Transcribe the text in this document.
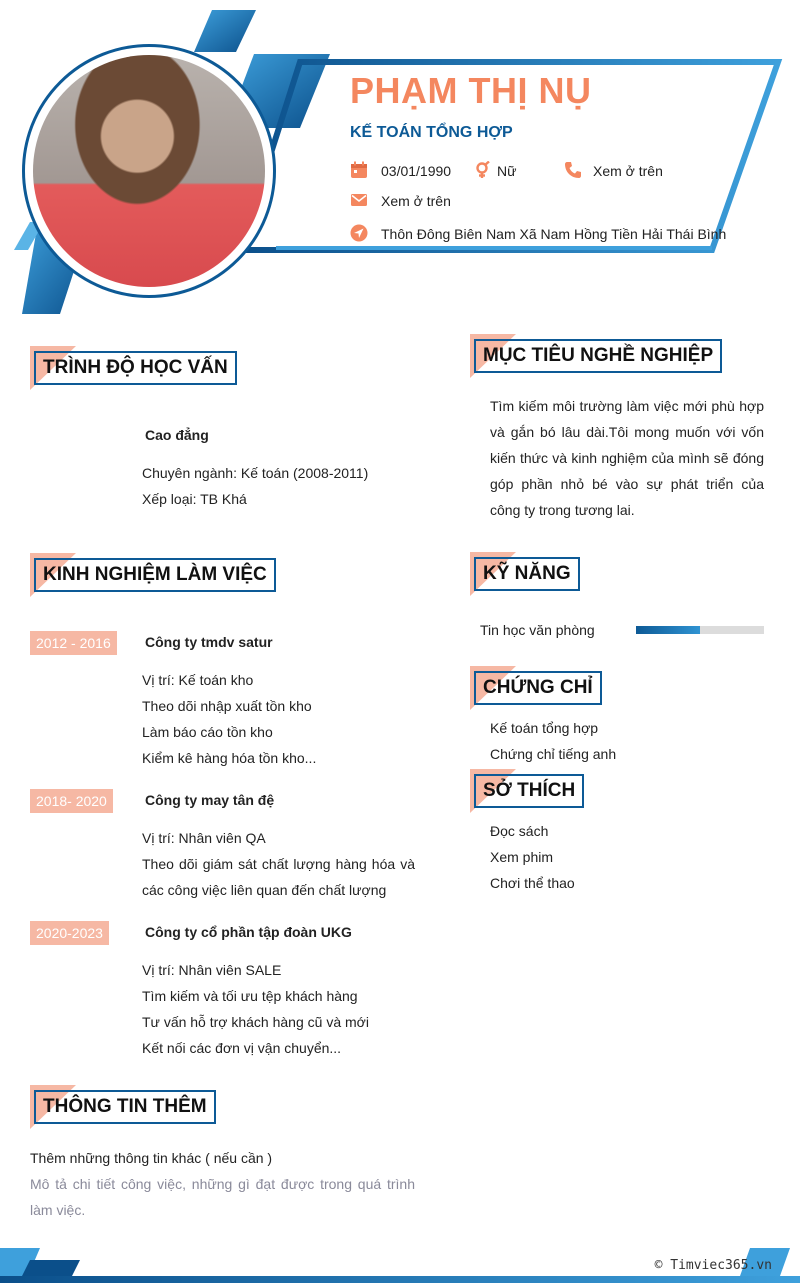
PHẠM THỊ NỤ
KẾ TOÁN TỔNG HỢP
03/01/1990	Nữ	Xem ở trên
Xem ở trên
Thôn Đông Biên Nam Xã Nam Hồng Tiền Hải Thái Bình
TRÌNH ĐỘ HỌC VẤN
Cao đẳng
Chuyên ngành: Kế toán (2008-2011)
Xếp loại: TB Khá
KINH NGHIỆM LÀM VIỆC
2012 - 2016	Công ty tmdv satur
Vị trí: Kế toán kho
Theo dõi nhập xuất tồn kho
Làm báo cáo tồn kho
Kiểm kê hàng hóa tồn kho...
2018- 2020	Công ty may tân đệ
Vị trí: Nhân viên QA
Theo dõi giám sát chất lượng hàng hóa và các công việc liên quan đến chất lượng
2020-2023	Công ty cổ phần tập đoàn UKG
Vị trí: Nhân viên SALE
Tìm kiếm và tối ưu tệp khách hàng
Tư vấn hỗ trợ khách hàng cũ và mới
Kết nối các đơn vị vận chuyển...
THÔNG TIN THÊM
Thêm những thông tin khác ( nếu cần )
Mô tả chi tiết công việc, những gì đạt được trong quá trình làm việc.
MỤC TIÊU NGHỀ NGHIỆP
Tìm kiếm môi trường làm việc mới phù hợp và gắn bó lâu dài.Tôi mong muốn với vốn kiến thức và kinh nghiệm của mình sẽ đóng góp phần nhỏ bé vào sự phát triển của công ty trong tương lai.
KỸ NĂNG
Tin học văn phòng
CHỨNG CHỈ
Kế toán tổng hợp
Chứng chỉ tiếng anh
SỞ THÍCH
Đọc sách
Xem phim
Chơi thể thao
© Timviec365.vn
